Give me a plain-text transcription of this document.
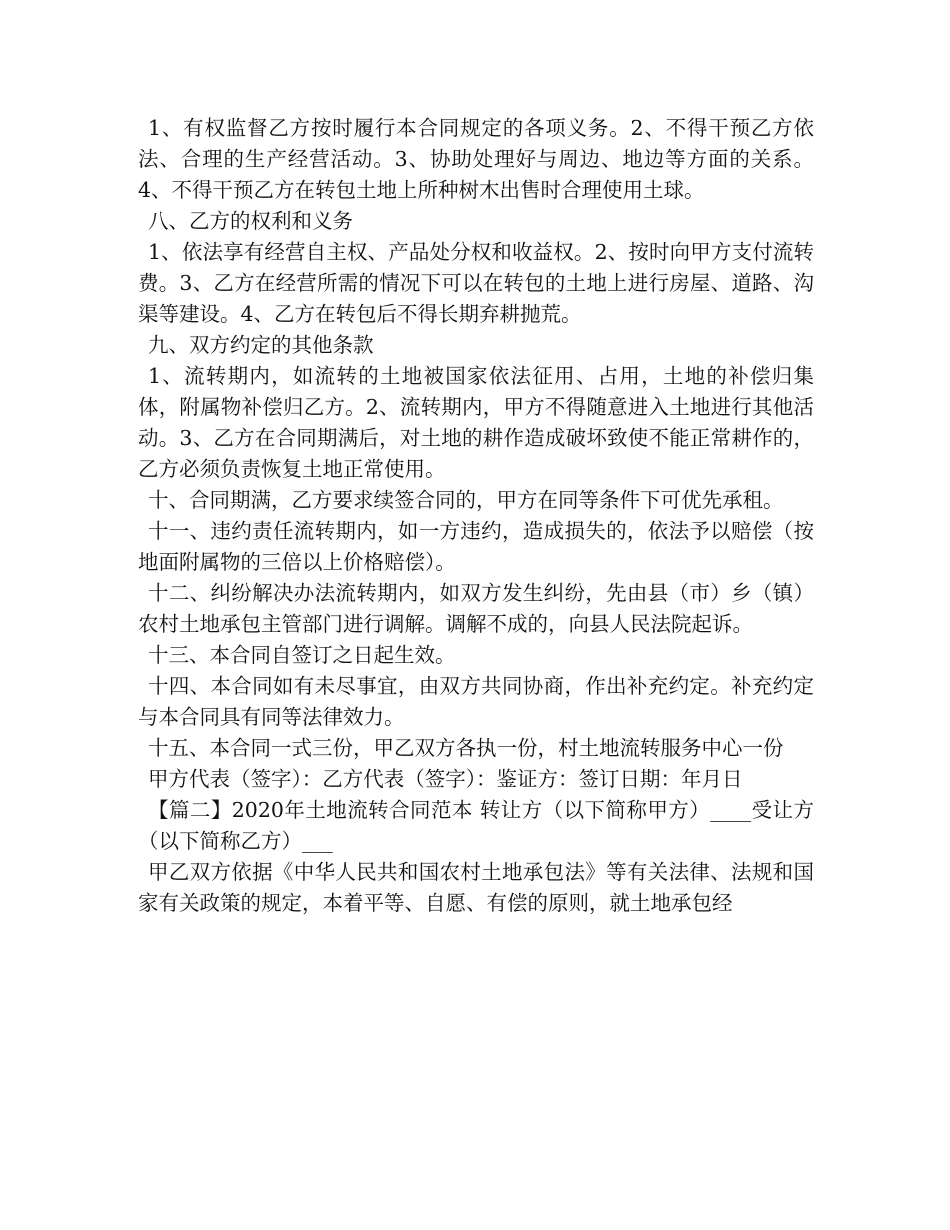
1、有权监督乙方按时履行本合同规定的各项义务。2、不得干预乙方依法、合理的生产经营活动。3、协助处理好与周边、地边等方面的关系。4、不得干预乙方在转包土地上所种树木出售时合理使用土球。

八、乙方的权利和义务

1、依法享有经营自主权、产品处分权和收益权。2、按时向甲方支付流转费。3、乙方在经营所需的情况下可以在转包的土地上进行房屋、道路、沟渠等建设。4、乙方在转包后不得长期弃耕抛荒。

九、双方约定的其他条款

1、流转期内，如流转的土地被国家依法征用、占用，土地的补偿归集体，附属物补偿归乙方。2、流转期内，甲方不得随意进入土地进行其他活动。3、乙方在合同期满后，对土地的耕作造成破坏致使不能正常耕作的，乙方必须负责恢复土地正常使用。

十、合同期满，乙方要求续签合同的，甲方在同等条件下可优先承租。

十一、违约责任流转期内，如一方违约，造成损失的，依法予以赔偿（按地面附属物的三倍以上价格赔偿）。

十二、纠纷解决办法流转期内，如双方发生纠纷，先由县（市）乡（镇）农村土地承包主管部门进行调解。调解不成的，向县人民法院起诉。

十三、本合同自签订之日起生效。

十四、本合同如有未尽事宜，由双方共同协商，作出补充约定。补充约定与本合同具有同等法律效力。

十五、本合同一式三份，甲乙双方各执一份，村土地流转服务中心一份

甲方代表（签字）：乙方代表（签字）：鉴证方：签订日期：年月日

【篇二】2020年土地流转合同范本 转让方（以下简称甲方）____受让方（以下简称乙方）___

甲乙双方依据《中华人民共和国农村土地承包法》等有关法律、法规和国家有关政策的规定，本着平等、自愿、有偿的原则，就土地承包经
